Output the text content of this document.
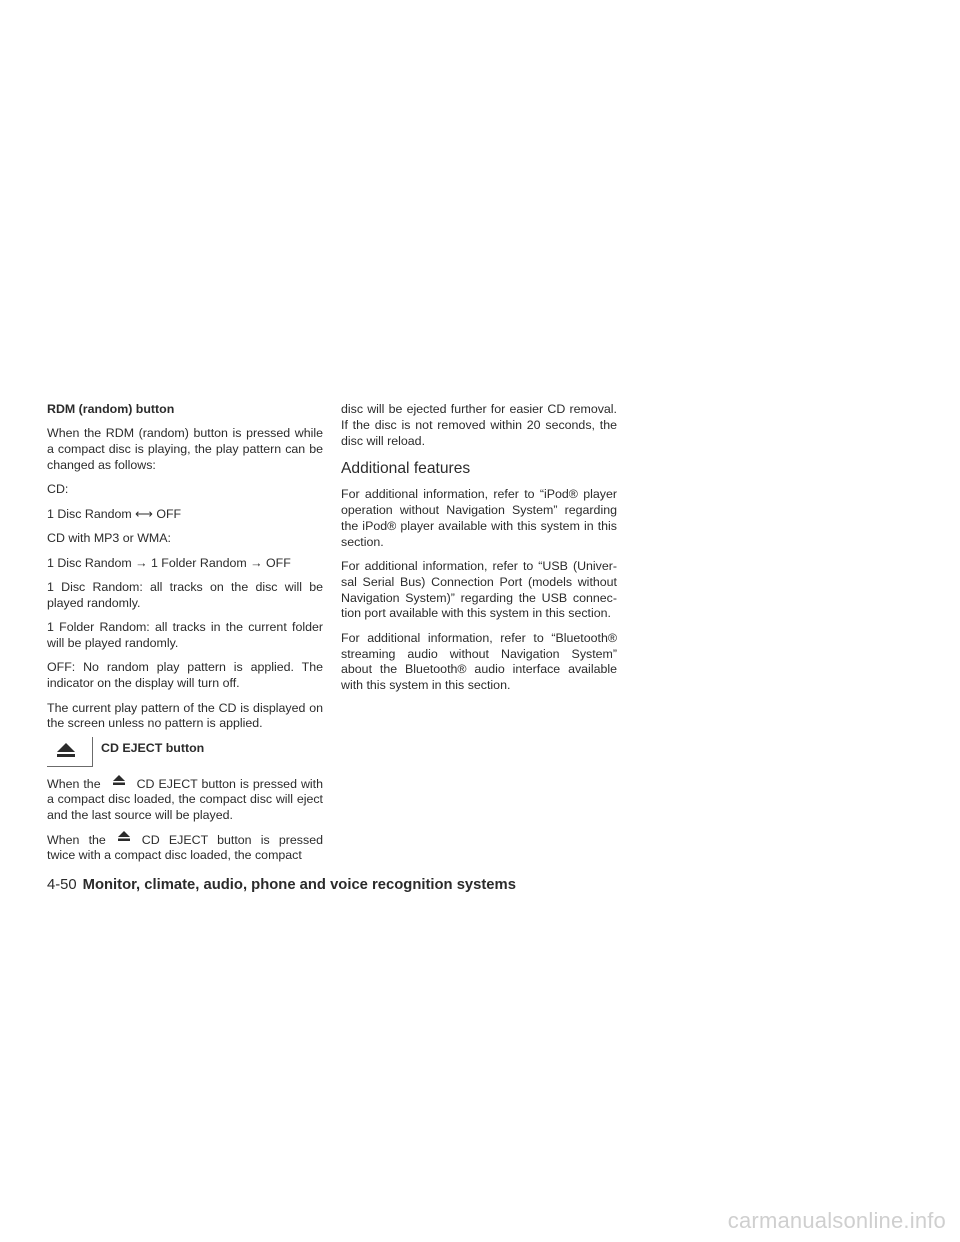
RDM (random) button

When the RDM (random) button is pressed while a compact disc is playing, the play pattern can be changed as follows:

CD:

1 Disc Random ⟷ OFF

CD with MP3 or WMA:

1 Disc Random → 1 Folder Random → OFF

1 Disc Random: all tracks on the disc will be played randomly.

1 Folder Random: all tracks in the current folder will be played randomly.

OFF: No random play pattern is applied. The indicator on the display will turn off.

The current play pattern of the CD is displayed on the screen unless no pattern is applied.

CD EJECT button

When the	CD EJECT button is pressed with a compact disc loaded, the compact disc will eject and the last source will be played.

When the	CD EJECT button is pressed twice with a compact disc loaded, the compact

disc will be ejected further for easier CD removal. If the disc is not removed within 20 seconds, the disc will reload.

Additional features

For additional information, refer to “iPod® player operation without Navigation System” regarding the iPod® player available with this system in this section.

For additional information, refer to “USB (Univer-sal Serial Bus) Connection Port (models without Navigation System)” regarding the USB connec-tion port available with this system in this section.

For additional information, refer to “Bluetooth® streaming audio without Navigation System” about the Bluetooth® audio interface available with this system in this section.

4-50 Monitor, climate, audio, phone and voice recognition systems
carmanualsonline.info
